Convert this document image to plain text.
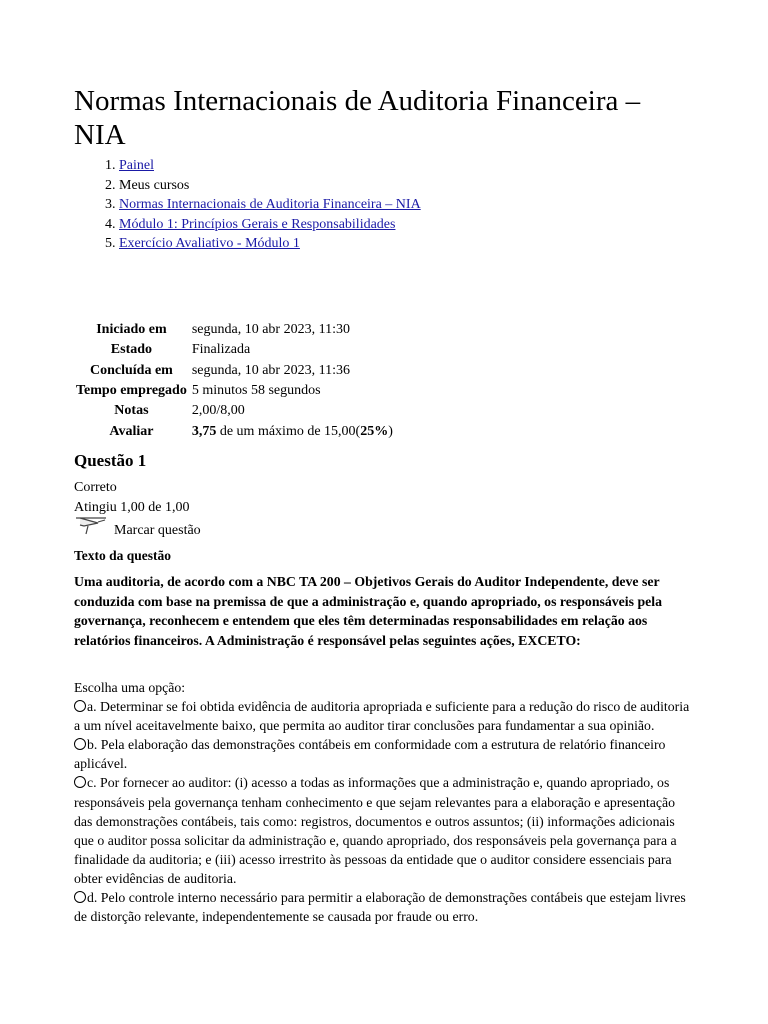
Normas Internacionais de Auditoria Financeira – NIA
1. Painel
2. Meus cursos
3. Normas Internacionais de Auditoria Financeira – NIA
4. Módulo 1: Princípios Gerais e Responsabilidades
5. Exercício Avaliativo - Módulo 1
Iniciado em	segunda, 10 abr 2023, 11:30
Estado	Finalizada
Concluída em	segunda, 10 abr 2023, 11:36
Tempo empregado	5 minutos 58 segundos
Notas	2,00/8,00
Avaliar	3,75 de um máximo de 15,00(25%)
Questão 1
Correto
Atingiu 1,00 de 1,00
Marcar questão
Texto da questão
Uma auditoria, de acordo com a NBC TA 200 – Objetivos Gerais do Auditor Independente, deve ser conduzida com base na premissa de que a administração e, quando apropriado, os responsáveis pela governança, reconhecem e entendem que eles têm determinadas responsabilidades em relação aos relatórios financeiros. A Administração é responsável pelas seguintes ações, EXCETO:

Escolha uma opção:

a. Determinar se foi obtida evidência de auditoria apropriada e suficiente para a redução do risco de auditoria a um nível aceitavelmente baixo, que permita ao auditor tirar conclusões para fundamentar a sua opinião.

b. Pela elaboração das demonstrações contábeis em conformidade com a estrutura de relatório financeiro aplicável.

c. Por fornecer ao auditor: (i) acesso a todas as informações que a administração e, quando apropriado, os responsáveis pela governança tenham conhecimento e que sejam relevantes para a elaboração e apresentação das demonstrações contábeis, tais como: registros, documentos e outros assuntos; (ii) informações adicionais que o auditor possa solicitar da administração e, quando apropriado, dos responsáveis pela governança para a finalidade da auditoria; e (iii) acesso irrestrito às pessoas da entidade que o auditor considere essenciais para obter evidências de auditoria.

d. Pelo controle interno necessário para permitir a elaboração de demonstrações contábeis que estejam livres de distorção relevante, independentemente se causada por fraude ou erro.
